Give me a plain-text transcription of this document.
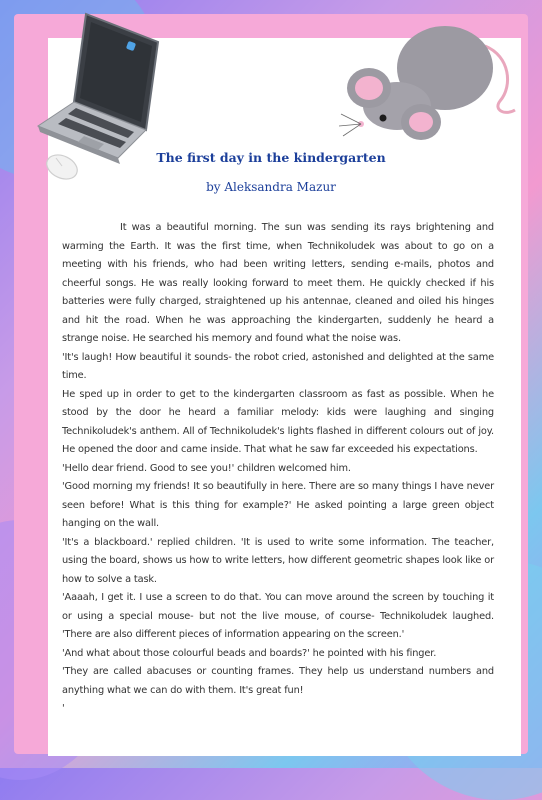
The first day in the kindergarten
by Aleksandra Mazur

It was a beautiful morning. The sun was sending its rays brightening and warming the Earth. It was the first time, when Technikoludek was about to go on a meeting with his friends, who had been writing letters, sending e-mails, photos and cheerful songs. He was really looking forward to meet them. He quickly checked if his batteries were fully charged, straightened up his antennae, cleaned and oiled his hinges and hit the road. When he was approaching the kindergarten, suddenly he heard a strange noise. He searched his memory and found what the noise was.

'It's laugh! How beautiful it sounds- the robot cried, astonished and delighted at the same time.

He sped up in order to get to the kindergarten classroom as fast as possible. When he stood by the door he heard a familiar melody: kids were laughing and singing Technikoludek's anthem. All of Technikoludek's lights flashed in different colours out of joy. He opened the door and came inside. That what he saw far exceeded his expectations.

'Hello dear friend. Good to see you!' children welcomed him.

'Good morning my friends! It so beautifully in here. There are so many things I have never seen before! What is this thing for example?' He asked pointing a large green object hanging on the wall.

'It's a blackboard.' replied children. 'It is used to write some information. The teacher, using the board, shows us how to write letters, how different geometric shapes look like or how to solve a task.

'Aaaah, I get it. I use a screen to do that. You can move around the screen by touching it or using a special mouse- but not the live mouse, of course- Technikoludek laughed. 'There are also different pieces of information appearing on the screen.'

'And what about those colourful beads and boards?' he pointed with his finger.

'They are called abacuses or counting frames. They help us understand numbers and anything what we can do with them. It's great fun!

'
